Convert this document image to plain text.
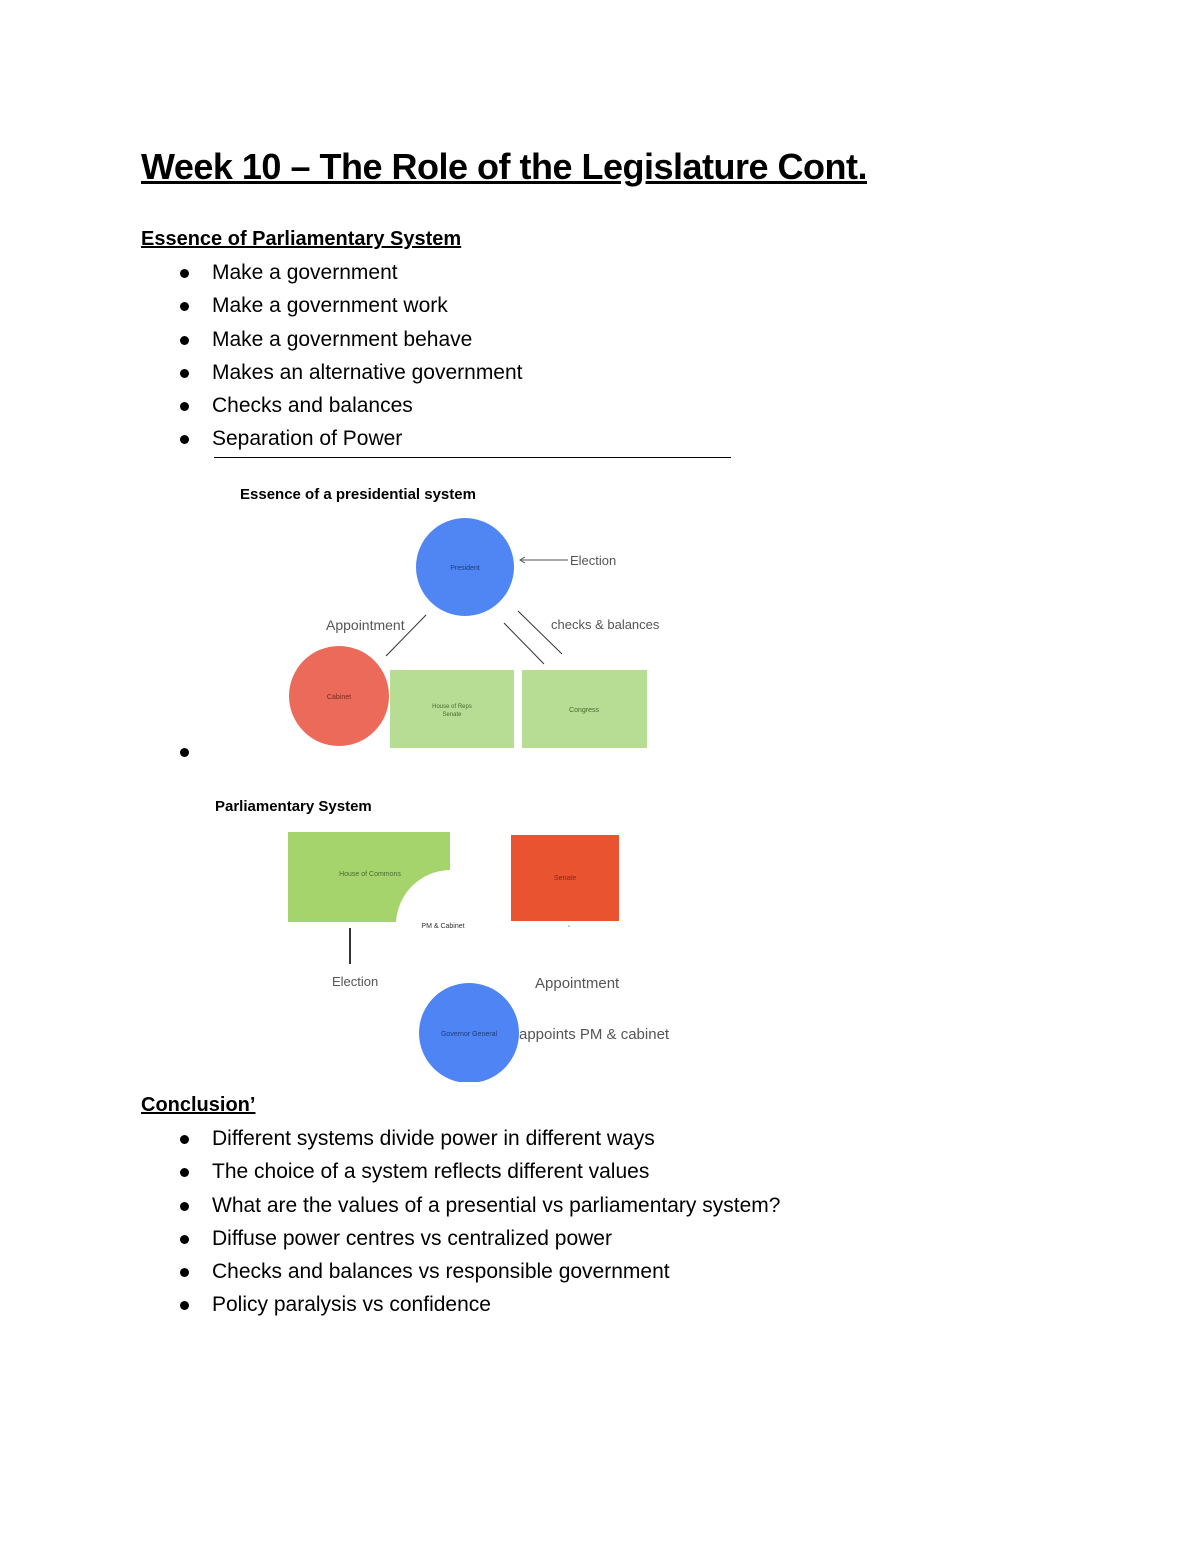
Week 10 – The Role of the Legislature Cont.
Essence of Parliamentary System
Make a government
Make a government work
Make a government behave
Makes an alternative government
Checks and balances
Separation of Power
Essence of a presidential system
President
Election
Appointment	checks & balances
Cabinet
House of Reps
Senate
Congress
Parliamentary System
House of Commons
PM & Cabinet
Senate
Election	Appointment
Governor General appoints PM & cabinet
Conclusion’
Different systems divide power in different ways
The choice of a system reflects different values
What are the values of a presential vs parliamentary system?
Diffuse power centres vs centralized power
Checks and balances vs responsible government
Policy paralysis vs confidence
